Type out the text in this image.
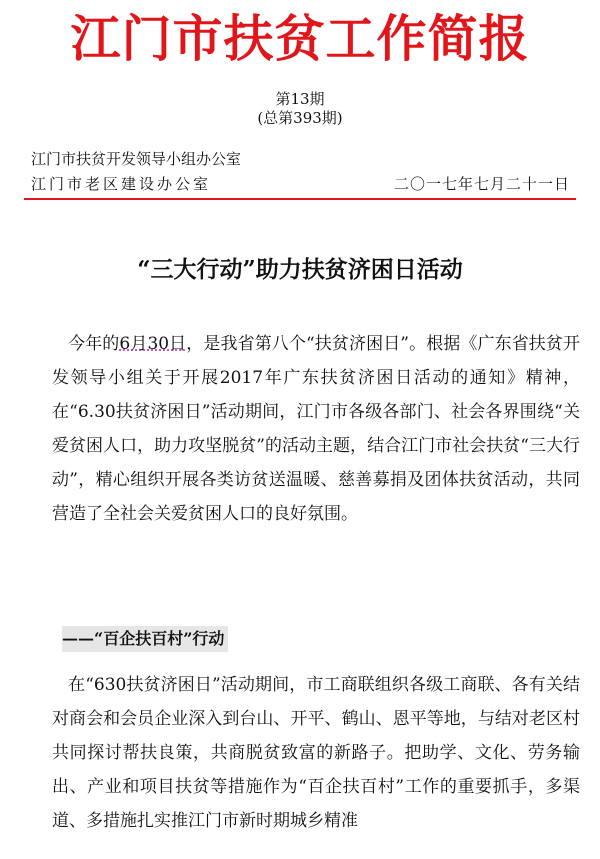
江门市扶贫工作简报
第13期
(总第393期)
江门市扶贫开发领导小组办公室
江门市老区建设办公室	二〇一七年七月二十一日
“三大行动”助力扶贫济困日活动

今年的6月30日，是我省第八个“扶贫济困日”。根据《广东省扶贫开发领导小组关于开展2017年广东扶贫济困日活动的通知》精神，在“6.30扶贫济困日”活动期间，江门市各级各部门、社会各界围绕“关爱贫困人口，助力攻坚脱贫”的活动主题，结合江门市社会扶贫“三大行动”，精心组织开展各类访贫送温暖、慈善募捐及团体扶贫活动，共同营造了全社会关爱贫困人口的良好氛围。

——“百企扶百村”行动

在“630扶贫济困日”活动期间，市工商联组织各级工商联、各有关结对商会和会员企业深入到台山、开平、鹤山、恩平等地，与结对老区村共同探讨帮扶良策，共商脱贫致富的新路子。把助学、文化、劳务输出、产业和项目扶贫等措施作为“百企扶百村”工作的重要抓手，多渠道、多措施扎实推江门市新时期城乡精准
